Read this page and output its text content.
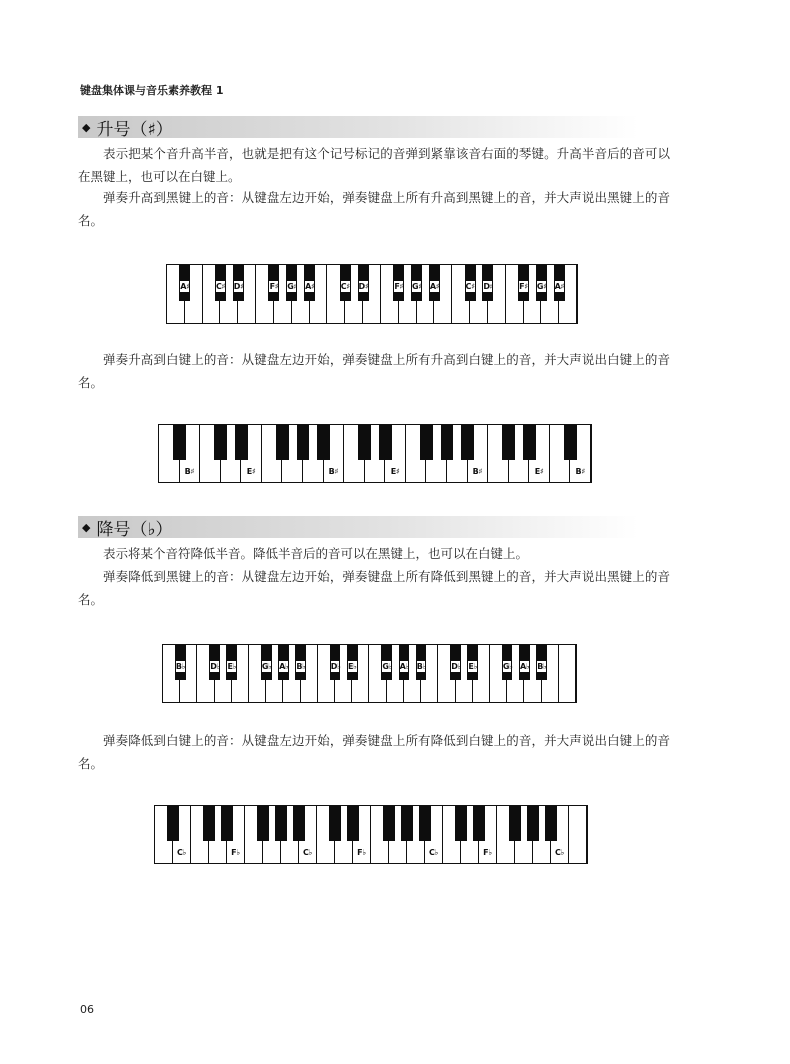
键盘集体课与音乐素养教程 1
◆ 升号（♯）

表示把某个音升高半音，也就是把有这个记号标记的音弹到紧靠该音右面的琴键。升高半音后的音可以在黑键上，也可以在白键上。

弹奏升高到黑键上的音：从键盘左边开始，弹奏键盘上所有升高到黑键上的音，并大声说出黑键上的音名。

A♯	C♯ D♯	F♯ G♯ A♯	C♯ D♯	F♯ G♯ A♯	C♯ D♯	F♯ G♯ A♯

弹奏升高到白键上的音：从键盘左边开始，弹奏键盘上所有升高到白键上的音，并大声说出白键上的音名。

B♯	E♯	B♯	E♯	B♯	E♯	B♯
◆ 降号（♭）

表示将某个音符降低半音。降低半音后的音可以在黑键上，也可以在白键上。

弹奏降低到黑键上的音：从键盘左边开始，弹奏键盘上所有降低到黑键上的音，并大声说出黑键上的音名。

B♭	D♭ E♭	G♭ A♭ B♭	D♭ E♭	G♭ A♭ B♭	D♭ E♭	G♭ A♭ B♭

弹奏降低到白键上的音：从键盘左边开始，弹奏键盘上所有降低到白键上的音，并大声说出白键上的音名。

C♭	F♭	C♭	F♭	C♭	F♭	C♭
06
